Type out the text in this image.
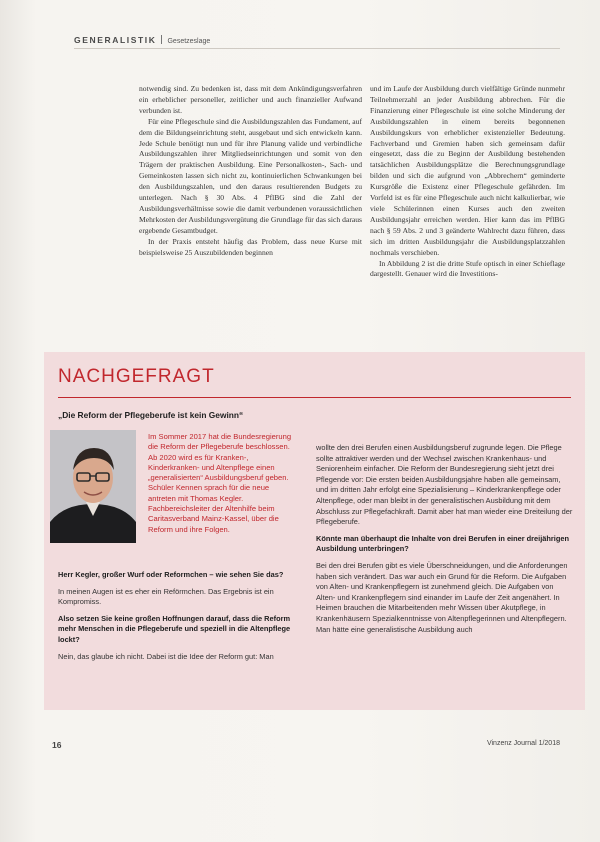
GENERALISTIK Gesetzeslage

notwendig sind. Zu bedenken ist, dass mit dem Ankündigungsverfahren ein erheblicher personeller, zeitlicher und auch finanzieller Aufwand verbunden ist.

Für eine Pflegeschule sind die Ausbildungszahlen das Fundament, auf dem die Bildungseinrichtung steht, ausgebaut und sich entwickeln kann. Jede Schule benötigt nun und für ihre Planung valide und verbindliche Ausbildungszahlen ihrer Mitgliedseinrichtungen und somit von den Trägern der praktischen Ausbildung. Eine Personalkosten-, Sach- und Gemeinkosten lassen sich nicht zu, kontinuierlichen Schwankungen bei den Ausbildungszahlen, und den daraus resultierenden Budgets zu unterlegen. Nach § 30 Abs. 4 PflBG sind die Zahl der Ausbildungsverhältnisse sowie die damit verbundenen voraussichtlichen Mehrkosten der Ausbildungsvergütung die Grundlage für das sich daraus ergebende Gesamtbudget.

In der Praxis entsteht häufig das Problem, dass neue Kurse mit beispielsweise 25 Auszubildenden beginnen

und im Laufe der Ausbildung durch vielfältige Gründe nunmehr Teilnehmerzahl an jeder Ausbildung abbrechen. Für die Finanzierung einer Pflegeschule ist eine solche Minderung der Ausbildungszahlen in einem bereits begonnenen Ausbildungskurs von erheblicher existenzieller Bedeutung. Fachverband und Gremien haben sich gemeinsam dafür eingesetzt, dass die zu Beginn der Ausbildung bestehenden tatsächlichen Ausbildungsplätze die Berechnungsgrundlage bilden und sich die aufgrund von „Abbrechern“ geminderte Kursgröße die Existenz einer Pflegeschule gefährden. Im Vorfeld ist es für eine Pflegeschule auch nicht kalkulierbar, wie viele Schülerinnen einen Kurses auch den zweiten Ausbildungsjahr erreichen werden. Hier kann das im PflBG nach § 59 Abs. 2 und 3 geänderte Wahlrecht dazu führen, dass sich im dritten Ausbildungsjahr die Ausbildungsplatzzahlen nochmals verschieben.

In Abbildung 2 ist die dritte Stufe optisch in einer Schieflage dargestellt. Genauer wird die Investitions-

NACHGEFRAGT
„Die Reform der Pflegeberufe ist kein Gewinn“
Im Sommer 2017 hat die Bundesregierung die Reform der Pflegeberufe beschlossen. Ab 2020 wird es für Kranken-, Kinderkranken- und Altenpflege einen „generalisierten“ Ausbildungsberuf geben. Schüler Kennen sprach für die neue antreten mit Thomas Kegler. Fachbereichsleiter der Altenhilfe beim Caritasverband Mainz-Kassel, über die Reform und ihre Folgen.

Herr Kegler, großer Wurf oder Reformchen – wie sehen Sie das?

In meinen Augen ist es eher ein Reförmchen. Das Ergebnis ist ein Kompromiss.

Also setzen Sie keine großen Hoffnungen darauf, dass die Reform mehr Menschen in die Pflegeberufe und speziell in die Altenpflege lockt?

Nein, das glaube ich nicht. Dabei ist die Idee der Reform gut: Man

wollte den drei Berufen einen Ausbildungsberuf zugrunde legen. Die Pflege sollte attraktiver werden und der Wechsel zwischen Krankenhaus- und Seniorenheim einfacher. Die Reform der Bundesregierung sieht jetzt drei Pflegende vor: Die ersten beiden Ausbildungsjahre haben alle gemeinsam, und im dritten Jahr erfolgt eine Spezialisierung – Kinderkrankenpflege oder Altenpflege, oder man bleibt in der generalistischen Ausbildung mit dem Abschluss zur Pflegefachkraft. Damit aber hat man wieder eine Dreiteilung der Pflegeberufe.

Könnte man überhaupt die Inhalte von drei Berufen in einer dreijährigen Ausbildung unterbringen?

Bei den drei Berufen gibt es viele Überschneidungen, und die Anforderungen haben sich verändert. Das war auch ein Grund für die Reform. Die Aufgaben von Alten- und Krankenpflegern ist zunehmend gleich. Die Aufgaben von Alten- und Krankenpflegern sind einander im Laufe der Zeit angenähert. In Heimen brauchen die Mitarbeitenden mehr Wissen über Akutpflege, in Krankenhäusern Spezialkenntnisse von Altenpflegerinnen und Altenpflegern. Man hätte eine generalistische Ausbildung auch

16	Vinzenz Journal 1/2018
